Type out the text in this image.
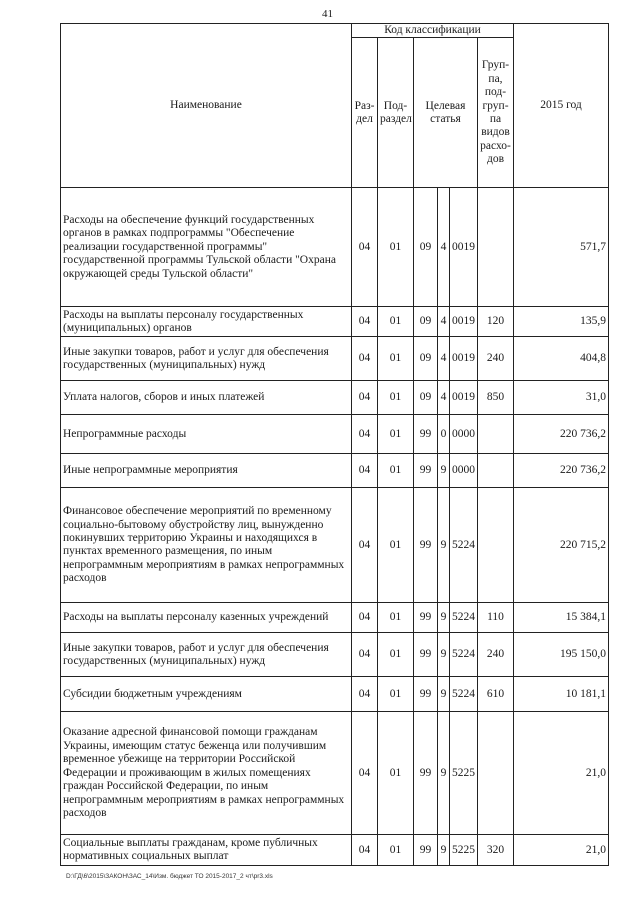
41
Наименование	Код классификации						2015 год
	Раз-дел	Под-раздел	Целевая статья			Груп-па, под-груп-па видов расхо-дов	
Расходы на обеспечение функций государственных органов в рамках подпрограммы "Обеспечение реализации государственной программы" государственной программы Тульской области "Охрана окружающей среды Тульской области"	04	01	09	4	0019		571,7
Расходы на выплаты персоналу государственных (муниципальных) органов	04	01	09	4	0019	120	135,9
Иные закупки товаров, работ и услуг для обеспечения государственных (муниципальных) нужд	04	01	09	4	0019	240	404,8
Уплата налогов, сборов и иных платежей	04	01	09	4	0019	850	31,0
Непрограммные расходы	04	01	99	0	0000		220 736,2
Иные непрограммные мероприятия	04	01	99	9	0000		220 736,2
Финансовое обеспечение мероприятий по временному социально-бытовому обустройству лиц, вынужденно покинувших территорию Украины и находящихся в пунктах временного размещения, по иным непрограммным мероприятиям в рамках непрограммных расходов	04	01	99	9	5224		220 715,2
Расходы на выплаты персоналу казенных учреждений	04	01	99	9	5224	110	15 384,1
Иные закупки товаров, работ и услуг для обеспечения государственных (муниципальных) нужд	04	01	99	9	5224	240	195 150,0
Субсидии бюджетным учреждениям	04	01	99	9	5224	610	10 181,1
Оказание адресной финансовой помощи гражданам Украины, имеющим статус беженца или получившим временное убежище на территории Российской Федерации и проживающим в жилых помещениях граждан Российской Федерации, по иным непрограммным мероприятиям в рамках непрограммных расходов	04	01	99	9	5225		21,0
Социальные выплаты гражданам, кроме публичных нормативных социальных выплат	04	01	99	9	5225	320	21,0
D:\ГД\6\2015\ЗАКОН\ЗАС_14\Изм. бюджет ТО 2015-2017_2 чт\pr3.xls
